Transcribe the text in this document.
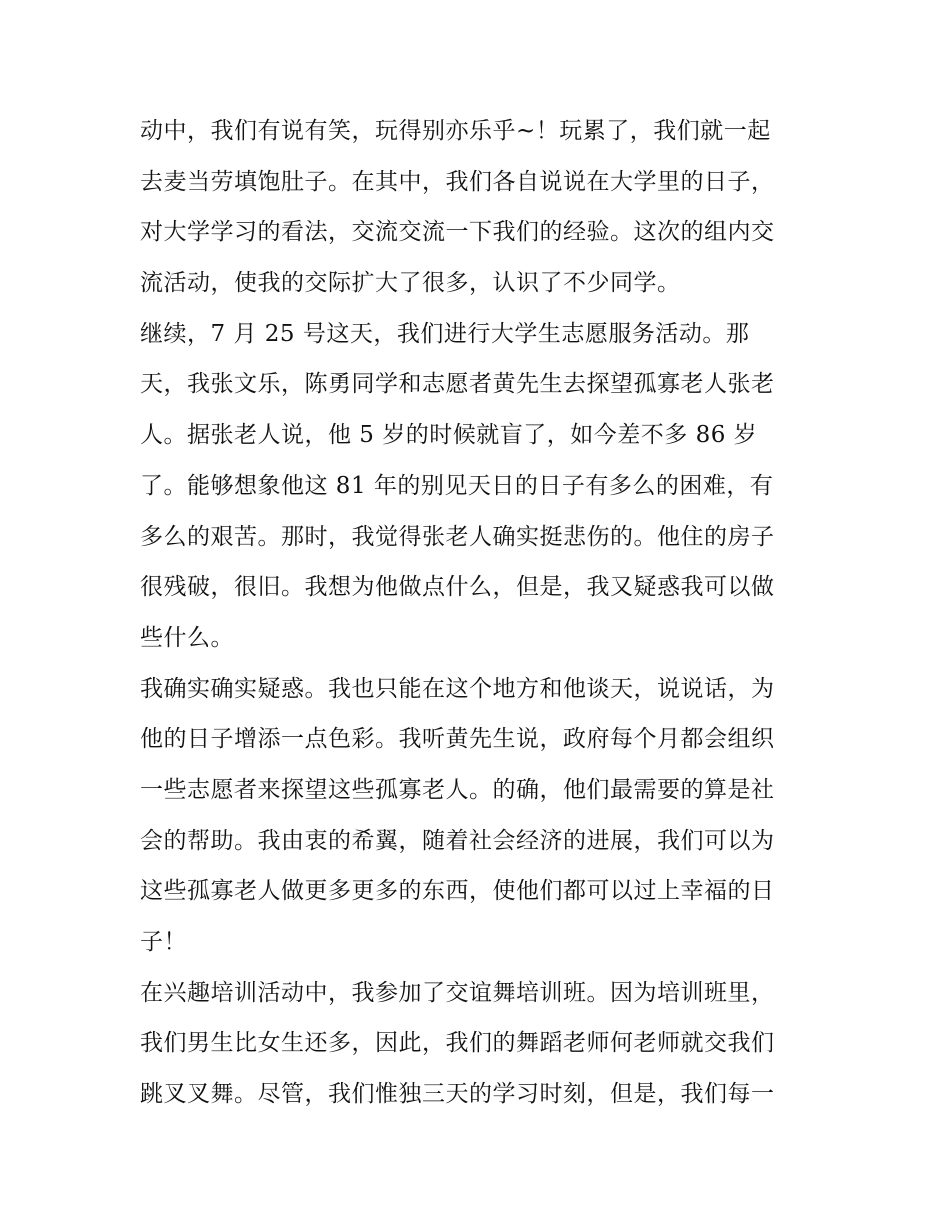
动中，我们有说有笑，玩得别亦乐乎~！玩累了，我们就一起
去麦当劳填饱肚子。在其中，我们各自说说在大学里的日子，
对大学学习的看法，交流交流一下我们的经验。这次的组内交
流活动，使我的交际扩大了很多，认识了不少同学。
继续，7 月 25 号这天，我们进行大学生志愿服务活动。那
天，我张文乐，陈勇同学和志愿者黄先生去探望孤寡老人张老
人。据张老人说，他 5 岁的时候就盲了，如今差不多 86 岁
了。能够想象他这 81 年的别见天日的日子有多么的困难，有
多么的艰苦。那时，我觉得张老人确实挺悲伤的。他住的房子
很残破，很旧。我想为他做点什么，但是，我又疑惑我可以做
些什么。
我确实确实疑惑。我也只能在这个地方和他谈天，说说话，为
他的日子增添一点色彩。我听黄先生说，政府每个月都会组织
一些志愿者来探望这些孤寡老人。的确，他们最需要的算是社
会的帮助。我由衷的希翼，随着社会经济的进展，我们可以为
这些孤寡老人做更多更多的东西，使他们都可以过上幸福的日
子！
在兴趣培训活动中，我参加了交谊舞培训班。因为培训班里，
我们男生比女生还多，因此，我们的舞蹈老师何老师就交我们
跳叉叉舞。尽管，我们惟独三天的学习时刻，但是，我们每一
